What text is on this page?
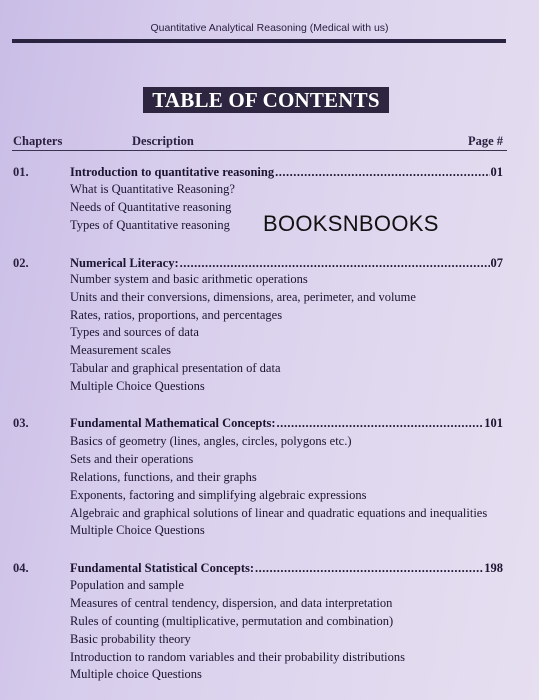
Quantitative Analytical Reasoning (Medical with us)
TABLE OF CONTENTS
Chapters	Description	Page #
BOOKSNBOOKS
01.	Introduction to quantitative reasoning .....	01
What is Quantitative Reasoning?
Needs of Quantitative reasoning
Types of Quantitative reasoning
02.	Numerical Literacy: .....	07
Number system and basic arithmetic operations
Units and their conversions, dimensions, area, perimeter, and volume
Rates, ratios, proportions, and percentages
Types and sources of data
Measurement scales
Tabular and graphical presentation of data
Multiple Choice Questions
03.	Fundamental Mathematical Concepts: .....	101
Basics of geometry (lines, angles, circles, polygons etc.)
Sets and their operations
Relations, functions, and their graphs
Exponents, factoring and simplifying algebraic expressions
Algebraic and graphical solutions of linear and quadratic equations and inequalities
Multiple Choice Questions
04.	Fundamental Statistical Concepts: .....	198
Population and sample
Measures of central tendency, dispersion, and data interpretation
Rules of counting (multiplicative, permutation and combination)
Basic probability theory
Introduction to random variables and their probability distributions
Multiple choice Questions
